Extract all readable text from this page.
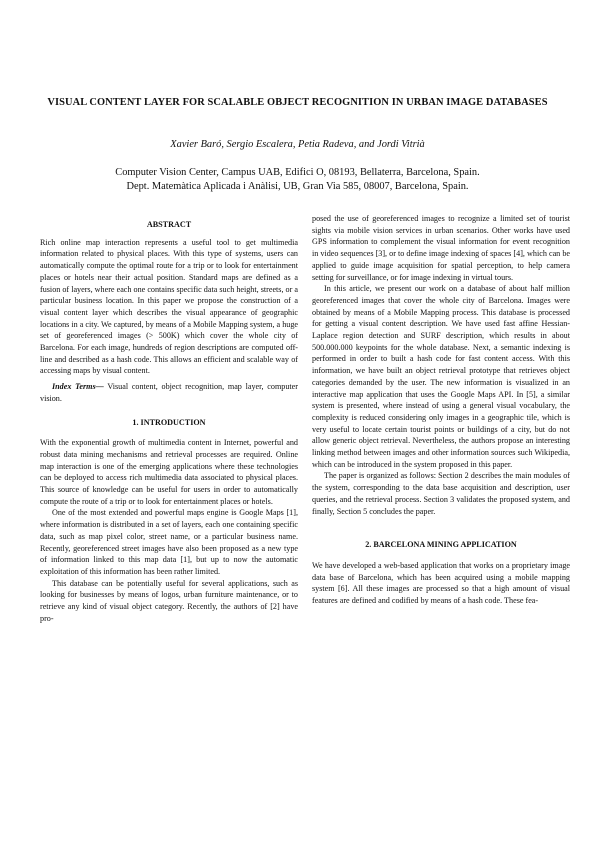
VISUAL CONTENT LAYER FOR SCALABLE OBJECT RECOGNITION IN URBAN IMAGE DATABASES
Xavier Baró, Sergio Escalera, Petia Radeva, and Jordi Vitrià
Computer Vision Center, Campus UAB, Edifici O, 08193, Bellaterra, Barcelona, Spain.
Dept. Matemàtica Aplicada i Anàlisi, UB, Gran Via 585, 08007, Barcelona, Spain.
ABSTRACT

Rich online map interaction represents a useful tool to get multimedia information related to physical places. With this type of systems, users can automatically compute the optimal route for a trip or to look for entertainment places or hotels near their actual position. Standard maps are defined as a fusion of layers, where each one contains specific data such height, streets, or a particular business location. In this paper we propose the construction of a visual content layer which describes the visual appearance of geographic locations in a city. We captured, by means of a Mobile Mapping system, a huge set of georeferenced images (> 500K) which cover the whole city of Barcelona. For each image, hundreds of region descriptions are computed off-line and described as a hash code. This allows an efficient and scalable way of accessing maps by visual content.

Index Terms— Visual content, object recognition, map layer, computer vision.

1. INTRODUCTION

With the exponential growth of multimedia content in Internet, powerful and robust data mining mechanisms and retrieval processes are required. Online map interaction is one of the emerging applications where these technologies can be deployed to access rich multimedia data associated to physical places. This source of knowledge can be useful for users in order to automatically compute the route of a trip or to look for entertainment places or hotels.

One of the most extended and powerful maps engine is Google Maps [1], where information is distributed in a set of layers, each one containing specific data, such as map pixel color, street name, or a particular business name. Recently, georeferenced street images have also been proposed as a new type of information linked to this map data [1], but up to now the automatic exploitation of this information has been rather limited.

This database can be potentially useful for several applications, such as looking for businesses by means of logos, urban furniture maintenance, or to retrieve any kind of visual object category. Recently, the authors of [2] have pro-

posed the use of georeferenced images to recognize a limited set of tourist sights via mobile vision services in urban scenarios. Other works have used GPS information to complement the visual information for event recognition in video sequences [3], or to define image indexing of spaces [4], which can be applied to guide image acquisition for spatial perception, to help camera setting for surveillance, or for image indexing in virtual tours.

In this article, we present our work on a database of about half million georeferenced images that cover the whole city of Barcelona. Images were obtained by means of a Mobile Mapping process. This database is processed for getting a visual content description. We have used fast affine Hessian-Laplace region detection and SURF description, which results in about 500.000.000 keypoints for the whole database. Next, a semantic indexing is performed in order to built a hash code for fast content access. With this information, we have built an object retrieval prototype that retrieves object categories demanded by the user. The new information is visualized in an interactive map application that uses the Google Maps API. In [5], a similar system is presented, where instead of using a general visual vocabulary, the complexity is reduced considering only images in a geographic tile, which is very useful to locate certain tourist points or buildings of a city, but do not allow generic object retrieval. Nevertheless, the authors propose an interesting linking method between images and other information sources such Wikipedia, which can be introduced in the system proposed in this paper.

The paper is organized as follows: Section 2 describes the main modules of the system, corresponding to the data base acquisition and description, user queries, and the retrieval process. Section 3 validates the proposed system, and finally, Section 5 concludes the paper.

2. BARCELONA MINING APPLICATION

We have developed a web-based application that works on a proprietary image data base of Barcelona, which has been acquired using a mobile mapping system [6]. All these images are processed so that a high amount of visual features are defined and codified by means of a hash code. These fea-
